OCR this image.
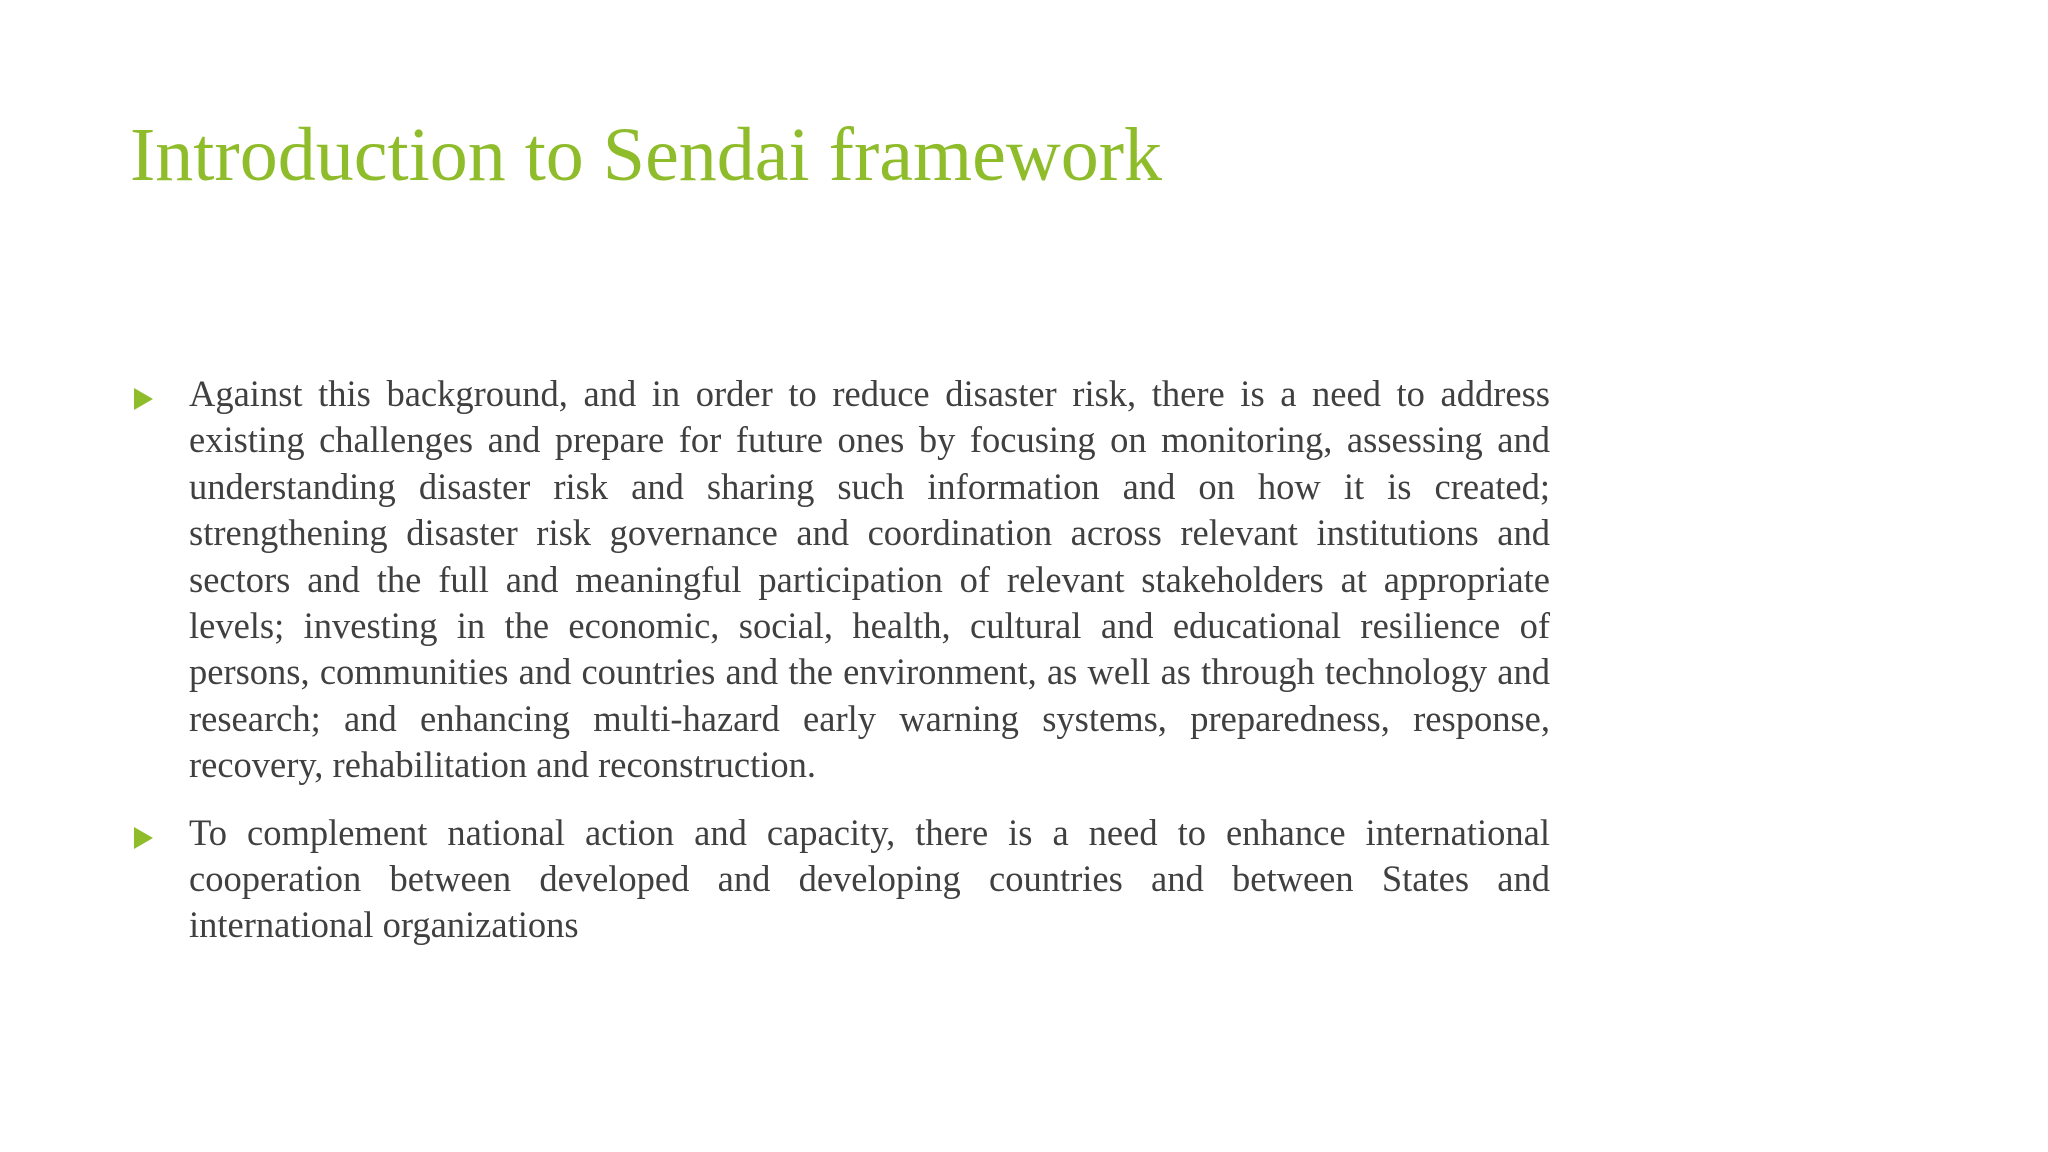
Introduction to Sendai framework
Against this background, and in order to reduce disaster risk, there is a need to address existing challenges and prepare for future ones by focusing on monitoring, assessing and understanding disaster risk and sharing such information and on how it is created; strengthening disaster risk governance and coordination across relevant institutions and sectors and the full and meaningful participation of relevant stakeholders at appropriate levels; investing in the economic, social, health, cultural and educational resilience of persons, communities and countries and the environment, as well as through technology and research; and enhancing multi-hazard early warning systems, preparedness, response, recovery, rehabilitation and reconstruction.
To complement national action and capacity, there is a need to enhance international cooperation between developed and developing countries and between States and international organizations
